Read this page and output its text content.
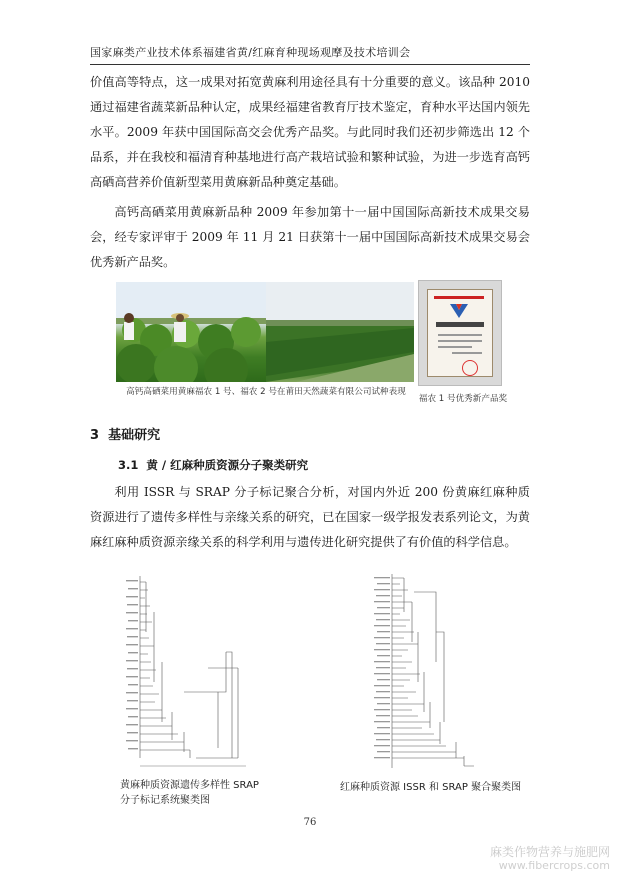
国家麻类产业技术体系福建省黄/红麻育种现场观摩及技术培训会
价值高等特点，这一成果对拓宽黄麻利用途径具有十分重要的意义。该品种 2010 通过福建省蔬菜新品种认定，成果经福建省教育厅技术鉴定，育种水平达国内领先水平。2009 年获中国国际高交会优秀产品奖。与此同时我们还初步筛选出 12 个品系，并在我校和福清育种基地进行高产栽培试验和繁种试验，为进一步选育高钙高硒高营养价值新型菜用黄麻新品种奠定基础。
高钙高硒菜用黄麻新品种 2009 年参加第十一届中国国际高新技术成果交易会，经专家评审于 2009 年 11 月 21 日获第十一届中国国际高新技术成果交易会优秀新产品奖。
高钙高硒菜用黄麻福农 1 号、福农 2 号在莆田天然蔬菜有限公司试种表现
福农 1 号优秀新产品奖
3 基础研究
3.1 黄 / 红麻种质资源分子聚类研究
利用 ISSR 与 SRAP 分子标记聚合分析，对国内外近 200 份黄麻红麻种质资源进行了遗传多样性与亲缘关系的研究，已在国家一级学报发表系列论文，为黄麻红麻种质资源亲缘关系的科学利用与遗传进化研究提供了有价值的科学信息。
黄麻种质资源遗传多样性 SRAP 分子标记系统聚类图
红麻种质资源 ISSR 和 SRAP 聚合聚类图
76
麻类作物营养与施肥网
www.fibercrops.com
